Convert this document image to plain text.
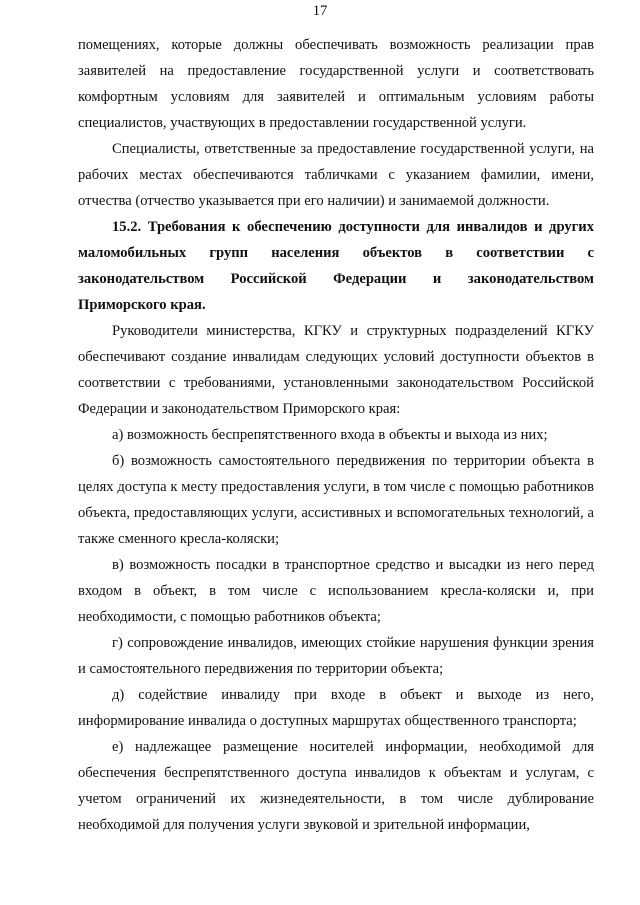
17

помещениях, которые должны обеспечивать возможность реализации прав заявителей на предоставление государственной услуги и соответствовать комфортным условиям для заявителей и оптимальным условиям работы специалистов, участвующих в предоставлении государственной услуги.

Специалисты, ответственные за предоставление государственной услуги, на рабочих местах обеспечиваются табличками с указанием фамилии, имени, отчества (отчество указывается при его наличии) и занимаемой должности.

15.2. Требования к обеспечению доступности для инвалидов и других маломобильных групп населения объектов в соответствии с законодательством Российской Федерации и законодательством Приморского края.

Руководители министерства, КГКУ и структурных подразделений КГКУ обеспечивают создание инвалидам следующих условий доступности объектов в соответствии с требованиями, установленными законодательством Российской Федерации и законодательством Приморского края:

а) возможность беспрепятственного входа в объекты и выхода из них;

б) возможность самостоятельного передвижения по территории объекта в целях доступа к месту предоставления услуги, в том числе с помощью работников объекта, предоставляющих услуги, ассистивных и вспомогательных технологий, а также сменного кресла-коляски;

в) возможность посадки в транспортное средство и высадки из него перед входом в объект, в том числе с использованием кресла-коляски и, при необходимости, с помощью работников объекта;

г) сопровождение инвалидов, имеющих стойкие нарушения функции зрения и самостоятельного передвижения по территории объекта;

д) содействие инвалиду при входе в объект и выходе из него, информирование инвалида о доступных маршрутах общественного транспорта;

е) надлежащее размещение носителей информации, необходимой для обеспечения беспрепятственного доступа инвалидов к объектам и услугам, с учетом ограничений их жизнедеятельности, в том числе дублирование необходимой для получения услуги звуковой и зрительной информации,
